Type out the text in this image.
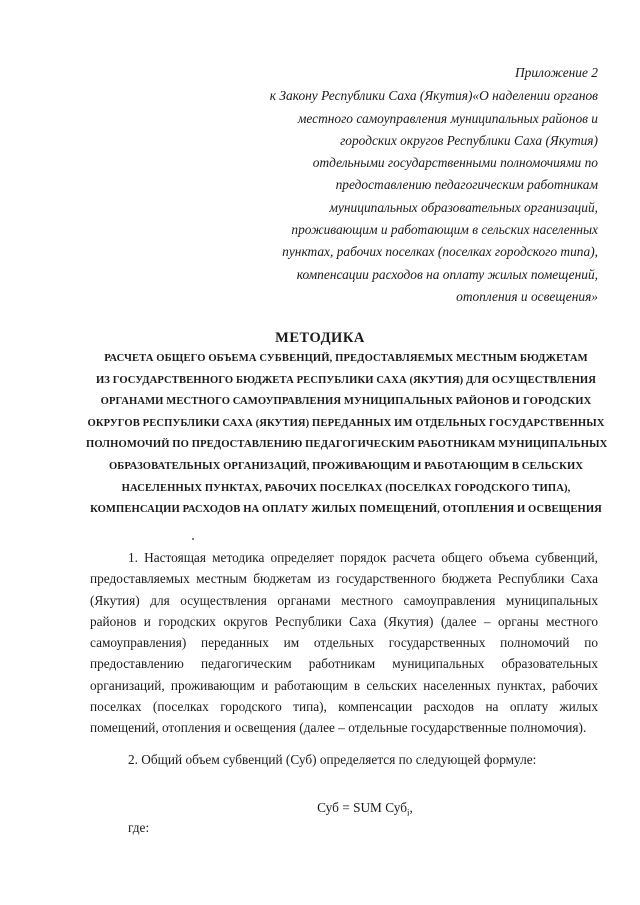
Приложение 2
к Закону Республики Саха (Якутия)«О наделении органов
местного самоуправления муниципальных районов и
городских округов Республики Саха (Якутия)
отдельными государственными полномочиями по
предоставлению педагогическим работникам
муниципальных образовательных организаций,
проживающим и работающим в сельских населенных
пунктах, рабочих поселках (поселках городского типа),
компенсации расходов на оплату жилых помещений,
отопления и освещения»
МЕТОДИКА
РАСЧЕТА ОБЩЕГО ОБЪЕМА СУБВЕНЦИЙ, ПРЕДОСТАВЛЯЕМЫХ МЕСТНЫМ БЮДЖЕТАМ
ИЗ ГОСУДАРСТВЕННОГО БЮДЖЕТА РЕСПУБЛИКИ САХА (ЯКУТИЯ) ДЛЯ ОСУЩЕСТВЛЕНИЯ
ОРГАНАМИ МЕСТНОГО САМОУПРАВЛЕНИЯ МУНИЦИПАЛЬНЫХ РАЙОНОВ И ГОРОДСКИХ
ОКРУГОВ РЕСПУБЛИКИ САХА (ЯКУТИЯ) ПЕРЕДАННЫХ ИМ ОТДЕЛЬНЫХ ГОСУДАРСТВЕННЫХ
ПОЛНОМОЧИЙ ПО ПРЕДОСТАВЛЕНИЮ ПЕДАГОГИЧЕСКИМ РАБОТНИКАМ МУНИЦИПАЛЬНЫХ
ОБРАЗОВАТЕЛЬНЫХ ОРГАНИЗАЦИЙ, ПРОЖИВАЮЩИМ И РАБОТАЮЩИМ В СЕЛЬСКИХ
НАСЕЛЕННЫХ ПУНКТАХ, РАБОЧИХ ПОСЕЛКАХ (ПОСЕЛКАХ ГОРОДСКОГО ТИПА),
КОМПЕНСАЦИИ РАСХОДОВ НА ОПЛАТУ ЖИЛЫХ ПОМЕЩЕНИЙ, ОТОПЛЕНИЯ И ОСВЕЩЕНИЯ
1. Настоящая методика определяет порядок расчета общего объема субвенций, предоставляемых местным бюджетам из государственного бюджета Республики Саха (Якутия) для осуществления органами местного самоуправления муниципальных районов и городских округов Республики Саха (Якутия) (далее – органы местного самоуправления) переданных им отдельных государственных полномочий по предоставлению педагогическим работникам муниципальных образовательных организаций, проживающим и работающим в сельских населенных пунктах, рабочих поселках (поселках городского типа), компенсации расходов на оплату жилых помещений, отопления и освещения (далее – отдельные государственные полномочия).
2. Общий объем субвенций (Суб) определяется по следующей формуле:
Суб = SUM Суб$_i$,
где:
